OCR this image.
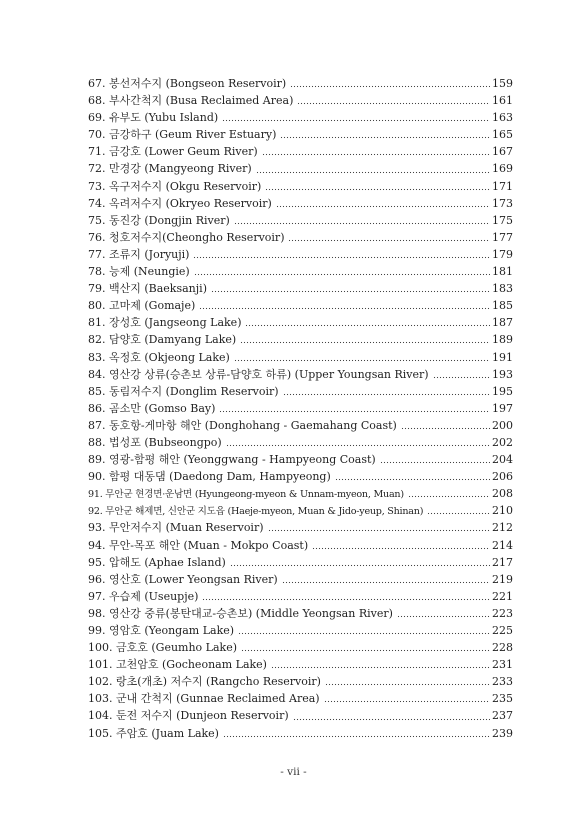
67. 봉선저수지 (Bongseon Reservoir)	159
68. 부사간척지 (Busa Reclaimed Area)	161
69. 유부도 (Yubu Island)	163
70. 금강하구 (Geum River Estuary)	165
71. 금강호 (Lower Geum River)	167
72. 만경강 (Mangyeong River)	169
73. 옥구저수지 (Okgu Reservoir)	171
74. 옥려저수지 (Okryeo Reservoir)	173
75. 동진강 (Dongjin River)	175
76. 청호저수지(Cheongho Reservoir)	177
77. 조류지 (Joryuji)	179
78. 능제 (Neungie)	181
79. 백산지 (Baeksanji)	183
80. 고마제 (Gomaje)	185
81. 장성호 (Jangseong Lake)	187
82. 담양호 (Damyang Lake)	189
83. 옥정호 (Okjeong Lake)	191
84. 영산강 상류(승촌보 상류-담양호 하류) (Upper Youngsan River)	193
85. 동림저수지 (Donglim Reservoir)	195
86. 곰소만 (Gomso Bay)	197
87. 동호항-게마항 해안 (Donghohang - Gaemahang Coast)	200
88. 법성포 (Bubseongpo)	202
89. 영광-함평 해안 (Yeonggwang - Hampyeong Coast)	204
90. 함평 대동댐 (Daedong Dam, Hampyeong)	206
91. 무안군 현경면·운남면 (Hyungeong-myeon & Unnam-myeon, Muan)	208
92. 무안군 해제면, 신안군 지도읍 (Haeje-myeon, Muan & Jido-yeup, Shinan)	210
93. 무안저수지 (Muan Reservoir)	212
94. 무안-목포 해안 (Muan - Mokpo Coast)	214
95. 압해도 (Aphae Island)	217
96. 영산호 (Lower Yeongsan River)	219
97. 우습제 (Useupje)	221
98. 영산강 중류(봉탄대교-승촌보) (Middle Yeongsan River)	223
99. 영암호 (Yeongam Lake)	225
100. 금호호 (Geumho Lake)	228
101. 고천암호 (Gocheonam Lake)	231
102. 랑초(개초) 저수지 (Rangcho Reservoir)	233
103. 군내 간척지 (Gunnae Reclaimed Area)	235
104. 둔전 저수지 (Dunjeon Reservoir)	237
105. 주암호 (Juam Lake)	239
- vii -
